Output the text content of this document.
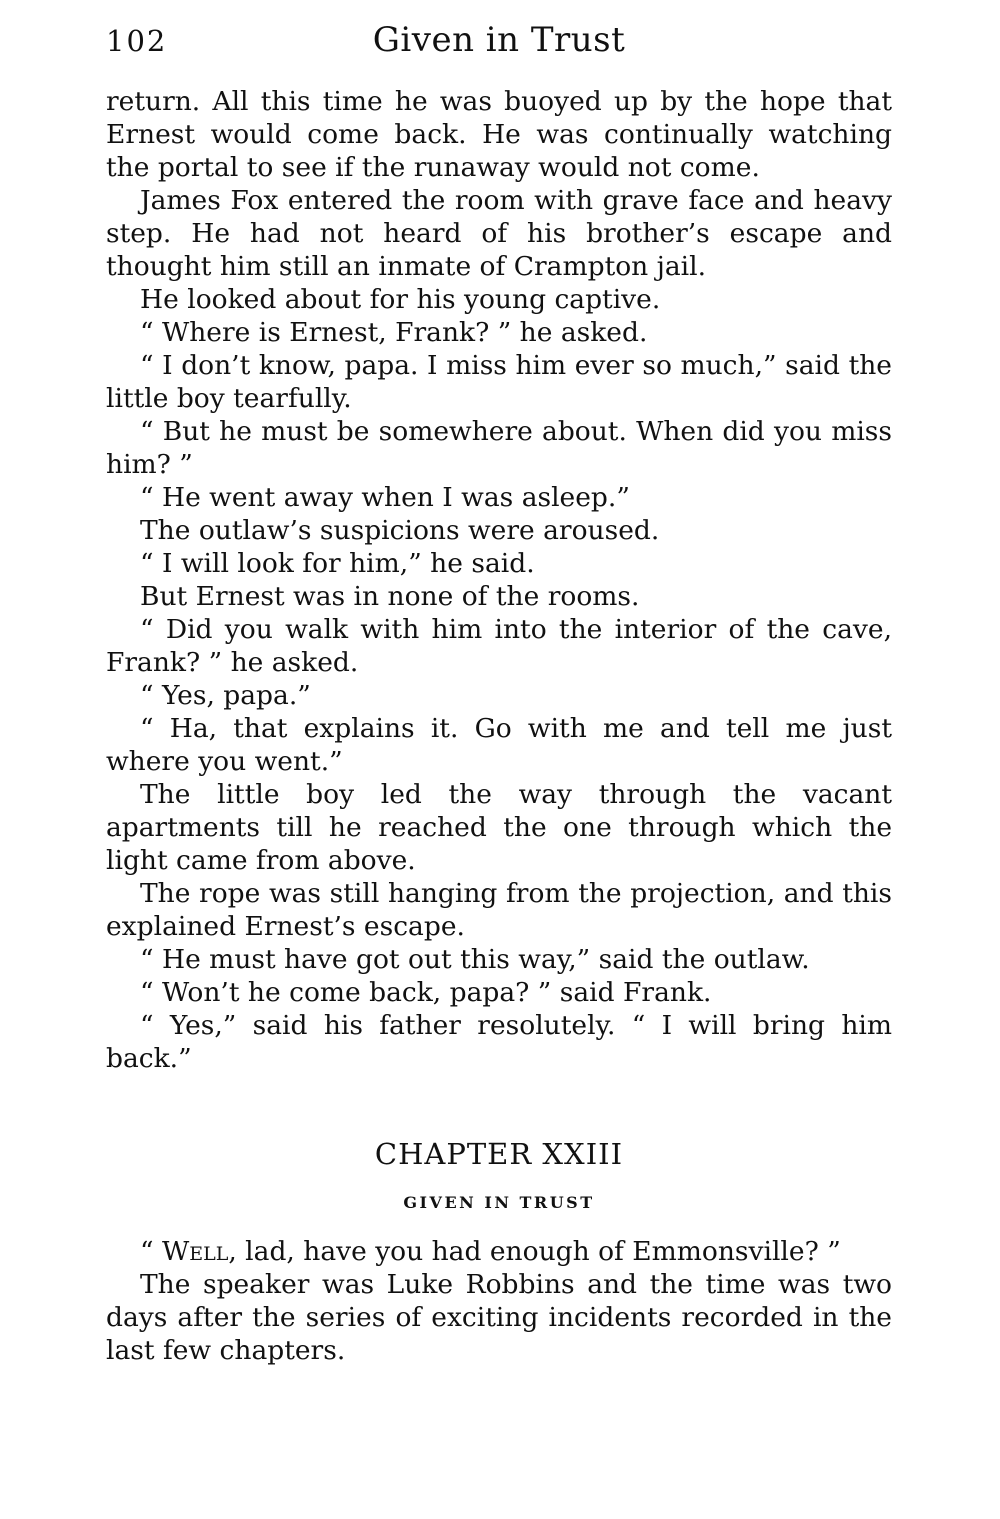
102	Given in Trust

return. All this time he was buoyed up by the hope that Ernest would come back. He was continually watching the portal to see if the runaway would not come.

James Fox entered the room with grave face and heavy step. He had not heard of his brother’s escape and thought him still an inmate of Crampton jail.

He looked about for his young captive.

“ Where is Ernest, Frank? ” he asked.

“ I don’t know, papa. I miss him ever so much,” said the little boy tearfully.

“ But he must be somewhere about. When did you miss him? ”

“ He went away when I was asleep.”

The outlaw’s suspicions were aroused.

“ I will look for him,” he said.

But Ernest was in none of the rooms.

“ Did you walk with him into the interior of the cave, Frank? ” he asked.

“ Yes, papa.”

“ Ha, that explains it. Go with me and tell me just where you went.”

The little boy led the way through the vacant apartments till he reached the one through which the light came from above.

The rope was still hanging from the projection, and this explained Ernest’s escape.

“ He must have got out this way,” said the outlaw.

“ Won’t he come back, papa? ” said Frank.

“ Yes,” said his father resolutely. “ I will bring him back.”

CHAPTER XXIII

GIVEN IN TRUST

“ Well, lad, have you had enough of Emmonsville? ”

The speaker was Luke Robbins and the time was two days after the series of exciting incidents recorded in the last few chapters.
